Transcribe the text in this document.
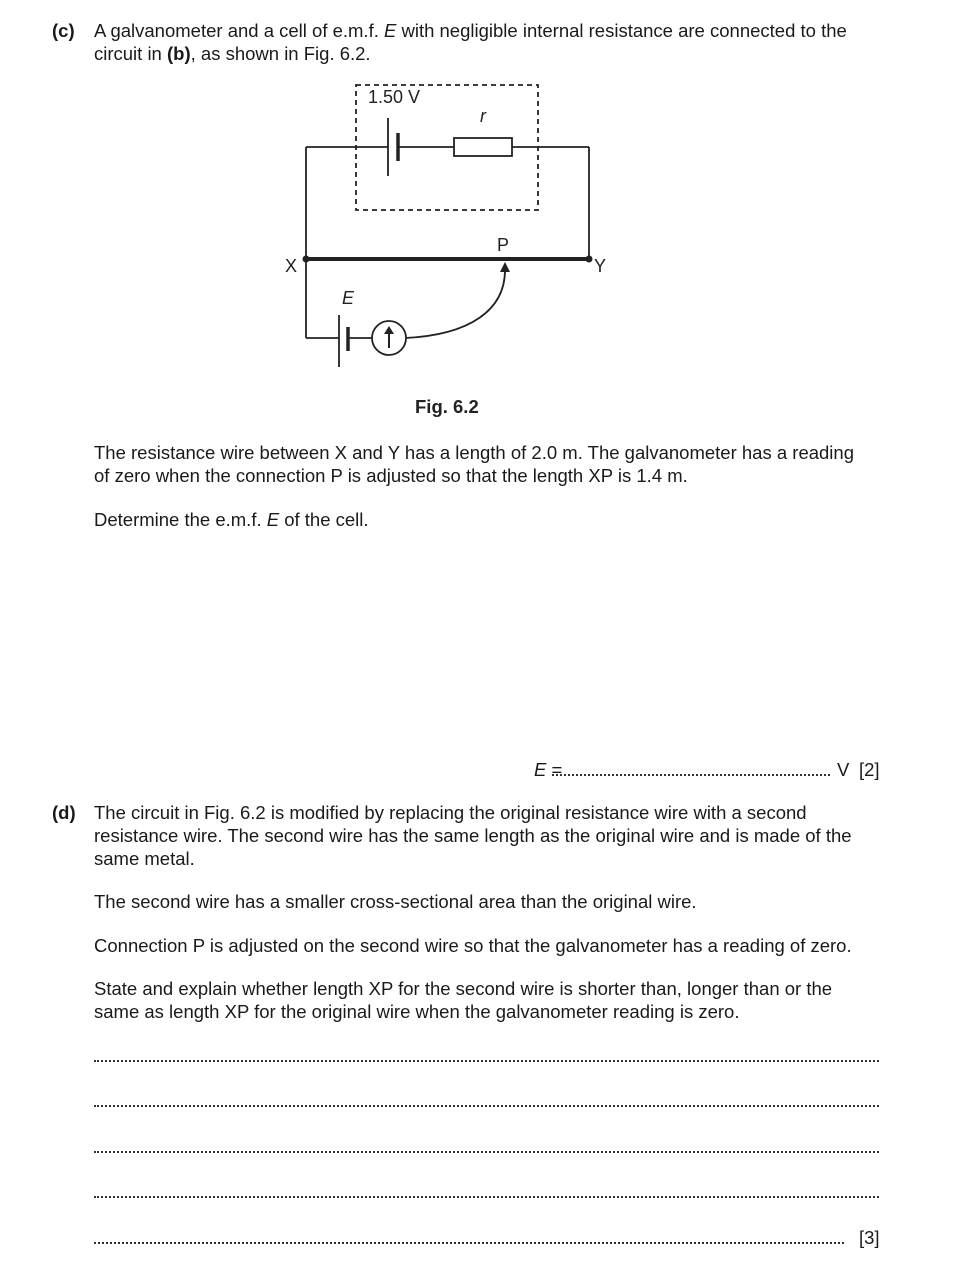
(c) A galvanometer and a cell of e.m.f. E with negligible internal resistance are connected to the
circuit in (b), as shown in Fig. 6.2.
1.50 V
r
X	Y
P
E
Fig. 6.2
The resistance wire between X and Y has a length of 2.0 m. The galvanometer has a reading
of zero when the connection P is adjusted so that the length XP is 1.4 m.
Determine the e.m.f. E of the cell.
E =	V [2]
(d) The circuit in Fig. 6.2 is modified by replacing the original resistance wire with a second
resistance wire. The second wire has the same length as the original wire and is made of the
same metal.
The second wire has a smaller cross-sectional area than the original wire.
Connection P is adjusted on the second wire so that the galvanometer has a reading of zero.
State and explain whether length XP for the second wire is shorter than, longer than or the
same as length XP for the original wire when the galvanometer reading is zero.
[3]
